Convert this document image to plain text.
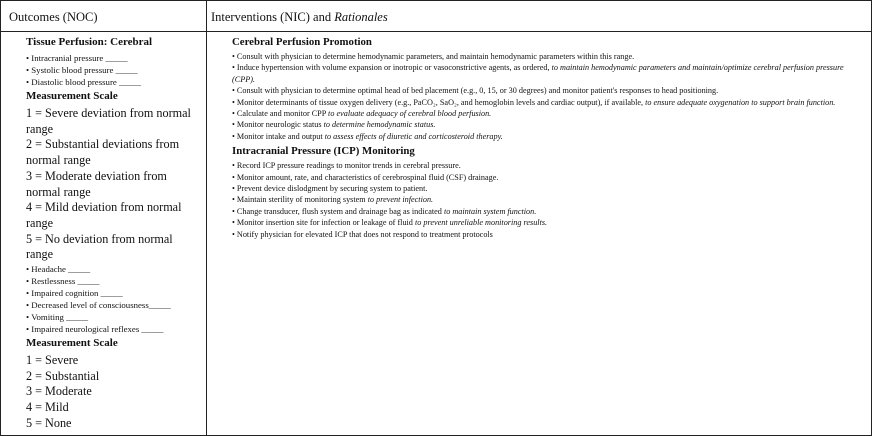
Outcomes (NOC)	Interventions (NIC) and Rationales
Tissue Perfusion: Cerebral
• Intracranial pressure _____
• Systolic blood pressure _____
• Diastolic blood pressure _____
Measurement Scale
1 = Severe deviation from normal range
2 = Substantial deviations from normal range
3 = Moderate deviation from normal range
4 = Mild deviation from normal range
5 = No deviation from normal range
• Headache _____
• Restlessness _____
• Impaired cognition _____
• Decreased level of consciousness_____
• Vomiting _____
• Impaired neurological reflexes _____
Measurement Scale
1 = Severe
2 = Substantial
3 = Moderate
4 = Mild
5 = None
Cerebral Perfusion Promotion
• Consult with physician to determine hemodynamic parameters, and maintain hemodynamic parameters within this range.
• Induce hypertension with volume expansion or inotropic or vasoconstrictive agents, as ordered, to maintain hemodynamic parameters and maintain/optimize cerebral perfusion pressure (CPP).
• Consult with physician to determine optimal head of bed placement (e.g., 0, 15, or 30 degrees) and monitor patient's responses to head positioning.
• Monitor determinants of tissue oxygen delivery (e.g., PaCO₂, SaO₂, and hemoglobin levels and cardiac output), if available, to ensure adequate oxygenation to support brain function.
• Calculate and monitor CPP to evaluate adequacy of cerebral blood perfusion.
• Monitor neurologic status to determine hemodynamic status.
• Monitor intake and output to assess effects of diuretic and corticosteroid therapy.
Intracranial Pressure (ICP) Monitoring
• Record ICP pressure readings to monitor trends in cerebral pressure.
• Monitor amount, rate, and characteristics of cerebrospinal fluid (CSF) drainage.
• Prevent device dislodgment by securing system to patient.
• Maintain sterility of monitoring system to prevent infection.
• Change transducer, flush system and drainage bag as indicated to maintain system function.
• Monitor insertion site for infection or leakage of fluid to prevent unreliable monitoring results.
• Notify physician for elevated ICP that does not respond to treatment protocols
